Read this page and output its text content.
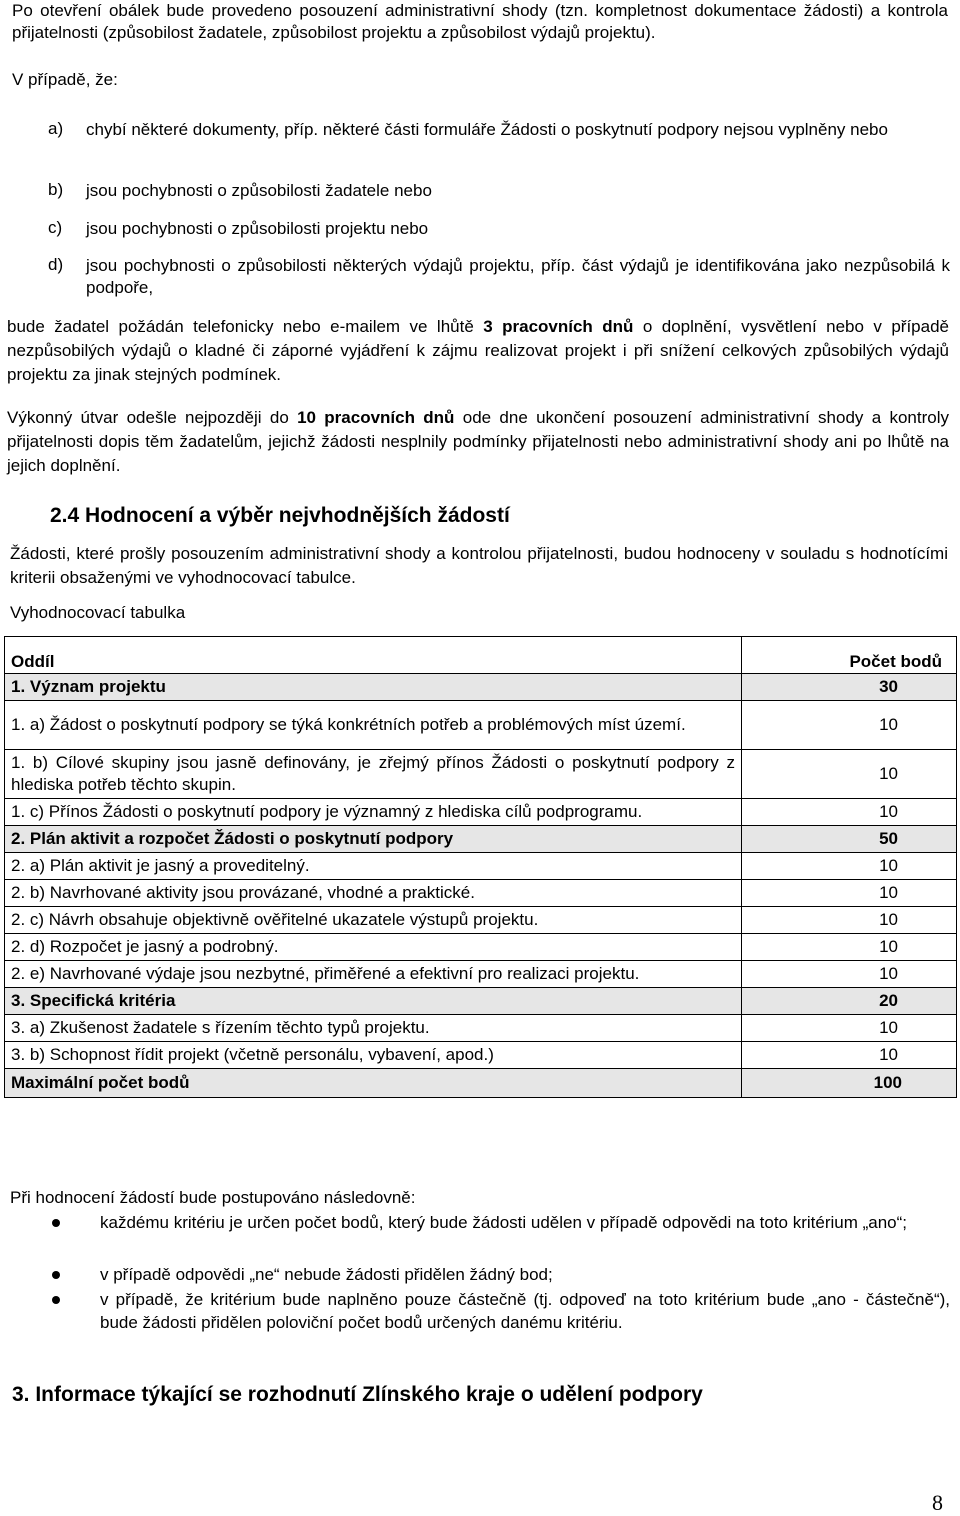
Po otevření obálek bude provedeno posouzení administrativní shody (tzn. kompletnost dokumentace žádosti) a kontrola přijatelnosti (způsobilost žadatele, způsobilost projektu a způsobilost výdajů projektu).
V případě, že:
a) chybí některé dokumenty, příp. některé části formuláře Žádosti o poskytnutí podpory nejsou vyplněny nebo
b) jsou pochybnosti o způsobilosti žadatele nebo
c) jsou pochybnosti o způsobilosti projektu nebo
d) jsou pochybnosti o způsobilosti některých výdajů projektu, příp. část výdajů je identifikována jako nezpůsobilá k podpoře,
bude žadatel požádán telefonicky nebo e-mailem ve lhůtě 3 pracovních dnů o doplnění, vysvětlení nebo v případě nezpůsobilých výdajů o kladné či záporné vyjádření k zájmu realizovat projekt i při snížení celkových způsobilých výdajů projektu za jinak stejných podmínek.
Výkonný útvar odešle nejpozději do 10 pracovních dnů ode dne ukončení posouzení administrativní shody a kontroly přijatelnosti dopis těm žadatelům, jejichž žádosti nesplnily podmínky přijatelnosti nebo administrativní shody ani po lhůtě na jejich doplnění.
2.4 Hodnocení a výběr nejvhodnějších žádostí
Žádosti, které prošly posouzením administrativní shody a kontrolou přijatelnosti, budou hodnoceny v souladu s hodnotícími kriterii obsaženými ve vyhodnocovací tabulce.
Vyhodnocovací tabulka
Oddíl	Počet bodů
1. Význam projektu	30
1. a) Žádost o poskytnutí podpory se týká konkrétních potřeb a problémových míst území.	10
1. b) Cílové skupiny jsou jasně definovány, je zřejmý přínos Žádosti o poskytnutí podpory z hlediska potřeb těchto skupin.	10
1. c) Přínos Žádosti o poskytnutí podpory je významný z hlediska cílů podprogramu.	10
2. Plán aktivit a rozpočet Žádosti o poskytnutí podpory	50
2. a) Plán aktivit je jasný a proveditelný.	10
2. b) Navrhované aktivity jsou provázané, vhodné a praktické.	10
2. c) Návrh obsahuje objektivně ověřitelné ukazatele výstupů projektu.	10
2. d) Rozpočet je jasný a podrobný.	10
2. e) Navrhované výdaje jsou nezbytné, přiměřené a efektivní pro realizaci projektu.	10
3. Specifická kritéria	20
3. a) Zkušenost žadatele s řízením těchto typů projektu.	10
3. b) Schopnost řídit projekt (včetně personálu, vybavení, apod.)	10
Maximální počet bodů	100
Při hodnocení žádostí bude postupováno následovně:
každému kritériu je určen počet bodů, který bude žádosti udělen v případě odpovědi na toto kritérium „ano“;
v případě odpovědi „ne“ nebude žádosti přidělen žádný bod;
v případě, že kritérium bude naplněno pouze částečně (tj. odpoveď na toto kritérium bude „ano - částečně“), bude žádosti přidělen poloviční počet bodů určených danému kritériu.
3. Informace týkající se rozhodnutí Zlínského kraje o udělení podpory
8
